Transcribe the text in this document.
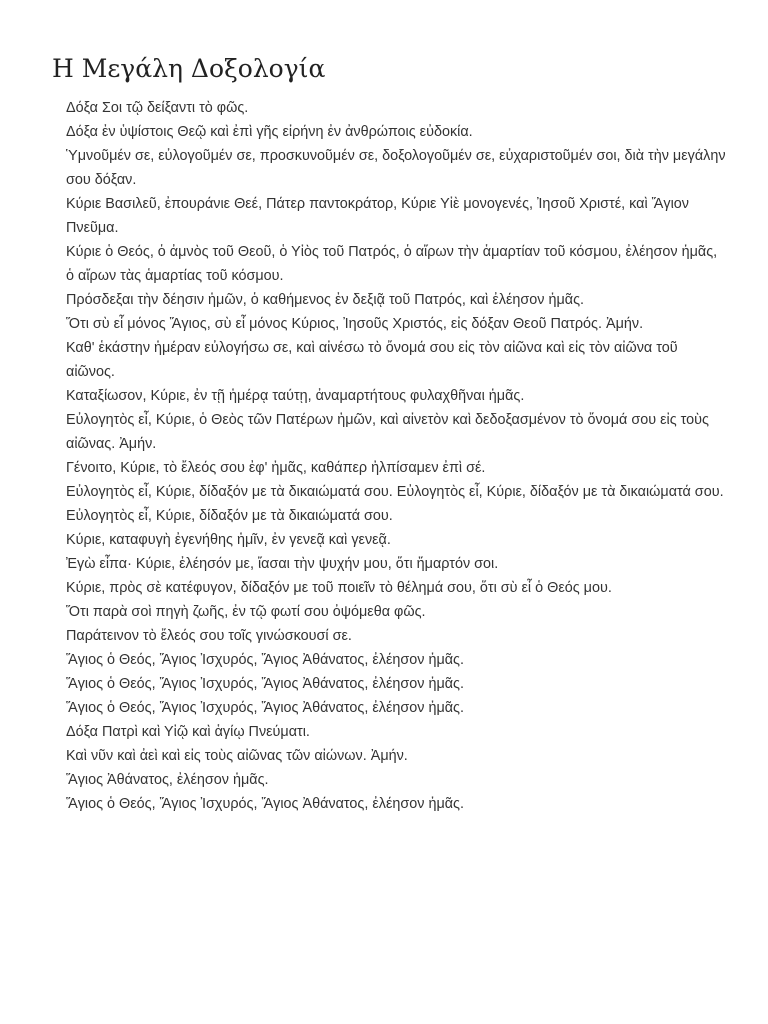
Η Μεγάλη Δοξολογία

Δόξα Σοι τῷ δείξαντι τὸ φῶς.

Δόξα ἐν ὑψίστοις Θεῷ καὶ ἐπὶ γῆς εἰρήνη ἐν ἀνθρώποις εὐδοκία.

Ὑμνοῦμέν σε, εὐλογοῦμέν σε, προσκυνοῦμέν σε, δοξολογοῦμέν σε, εὐχαριστοῦμέν σοι, διὰ τὴν μεγάλην σου δόξαν.

Κύριε Βασιλεῦ, ἐπουράνιε Θεέ, Πάτερ παντοκράτορ, Κύριε Υἱὲ μονογενές, Ἰησοῦ Χριστέ, καὶ Ἅγιον Πνεῦμα.

Κύριε ὁ Θεός, ὁ ἀμνὸς τοῦ Θεοῦ, ὁ Υἱὸς τοῦ Πατρός, ὁ αἴρων τὴν ἁμαρτίαν τοῦ κόσμου, ἐλέησον ἡμᾶς, ὁ αἴρων τὰς ἁμαρτίας τοῦ κόσμου.

Πρόσδεξαι τὴν δέησιν ἡμῶν, ὁ καθήμενος ἐν δεξιᾷ τοῦ Πατρός, καὶ ἐλέησον ἡμᾶς.

Ὅτι σὺ εἶ μόνος Ἅγιος, σὺ εἶ μόνος Κύριος, Ἰησοῦς Χριστός, εἰς δόξαν Θεοῦ Πατρός. Ἀμήν.

Καθ' ἑκάστην ἡμέραν εὐλογήσω σε, καὶ αἰνέσω τὸ ὄνομά σου εἰς τὸν αἰῶνα καὶ εἰς τὸν αἰῶνα τοῦ αἰῶνος.

Καταξίωσον, Κύριε, ἐν τῇ ἡμέρᾳ ταύτῃ, ἀναμαρτήτους φυλαχθῆναι ἡμᾶς.

Εὐλογητὸς εἶ, Κύριε, ὁ Θεὸς τῶν Πατέρων ἡμῶν, καὶ αἰνετὸν καὶ δεδοξασμένον τὸ ὄνομά σου εἰς τοὺς αἰῶνας. Ἀμήν.

Γένοιτο, Κύριε, τὸ ἔλεός σου ἐφ' ἡμᾶς, καθάπερ ἠλπίσαμεν ἐπὶ σέ.

Εὐλογητὸς εἶ, Κύριε, δίδαξόν με τὰ δικαιώματά σου. Εὐλογητὸς εἶ, Κύριε, δίδαξόν με τὰ δικαιώματά σου. Εὐλογητὸς εἶ, Κύριε, δίδαξόν με τὰ δικαιώματά σου.

Κύριε, καταφυγὴ ἐγενήθης ἡμῖν, ἐν γενεᾷ καὶ γενεᾷ.

Ἐγὼ εἶπα· Κύριε, ἐλέησόν με, ἴασαι τὴν ψυχήν μου, ὅτι ἥμαρτόν σοι.

Κύριε, πρὸς σὲ κατέφυγον, δίδαξόν με τοῦ ποιεῖν τὸ θέλημά σου, ὅτι σὺ εἶ ὁ Θεός μου.

Ὅτι παρὰ σοὶ πηγὴ ζωῆς, ἐν τῷ φωτί σου ὀψόμεθα φῶς.

Παράτεινον τὸ ἔλεός σου τοῖς γινώσκουσί σε.

Ἅγιος ὁ Θεός, Ἅγιος Ἰσχυρός, Ἅγιος Ἀθάνατος, ἐλέησον ἡμᾶς.

Ἅγιος ὁ Θεός, Ἅγιος Ἰσχυρός, Ἅγιος Ἀθάνατος, ἐλέησον ἡμᾶς.

Ἅγιος ὁ Θεός, Ἅγιος Ἰσχυρός, Ἅγιος Ἀθάνατος, ἐλέησον ἡμᾶς.

Δόξα Πατρὶ καὶ Υἱῷ καὶ ἁγίῳ Πνεύματι.

Καὶ νῦν καὶ ἀεὶ καὶ εἰς τοὺς αἰῶνας τῶν αἰώνων. Ἀμήν.

Ἅγιος Ἀθάνατος, ἐλέησον ἡμᾶς.

Ἅγιος ὁ Θεός, Ἅγιος Ἰσχυρός, Ἅγιος Ἀθάνατος, ἐλέησον ἡμᾶς.
